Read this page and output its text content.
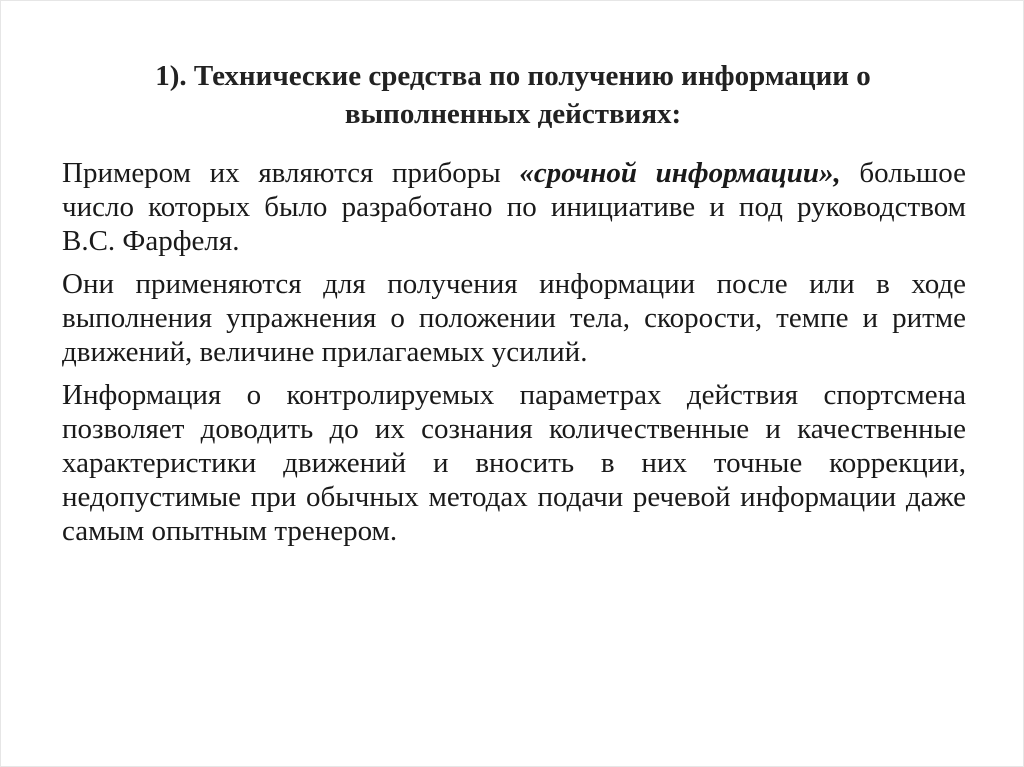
1). Технические средства по получению информации о
выполненных действиях:

Примером их являются приборы «срочной информации», большое число которых было разработано по инициативе и под руководством В.С. Фарфеля.

Они применяются для получения информации после или в ходе выполнения упражнения о положении тела, скорости, темпе и ритме движений, величине прилагаемых усилий.

Информация о контролируемых параметрах действия спортсмена позволяет доводить до их сознания количественные и качественные характеристики движений и вносить в них точные коррекции, недопустимые при обычных методах подачи речевой информации даже самым опытным тренером.
